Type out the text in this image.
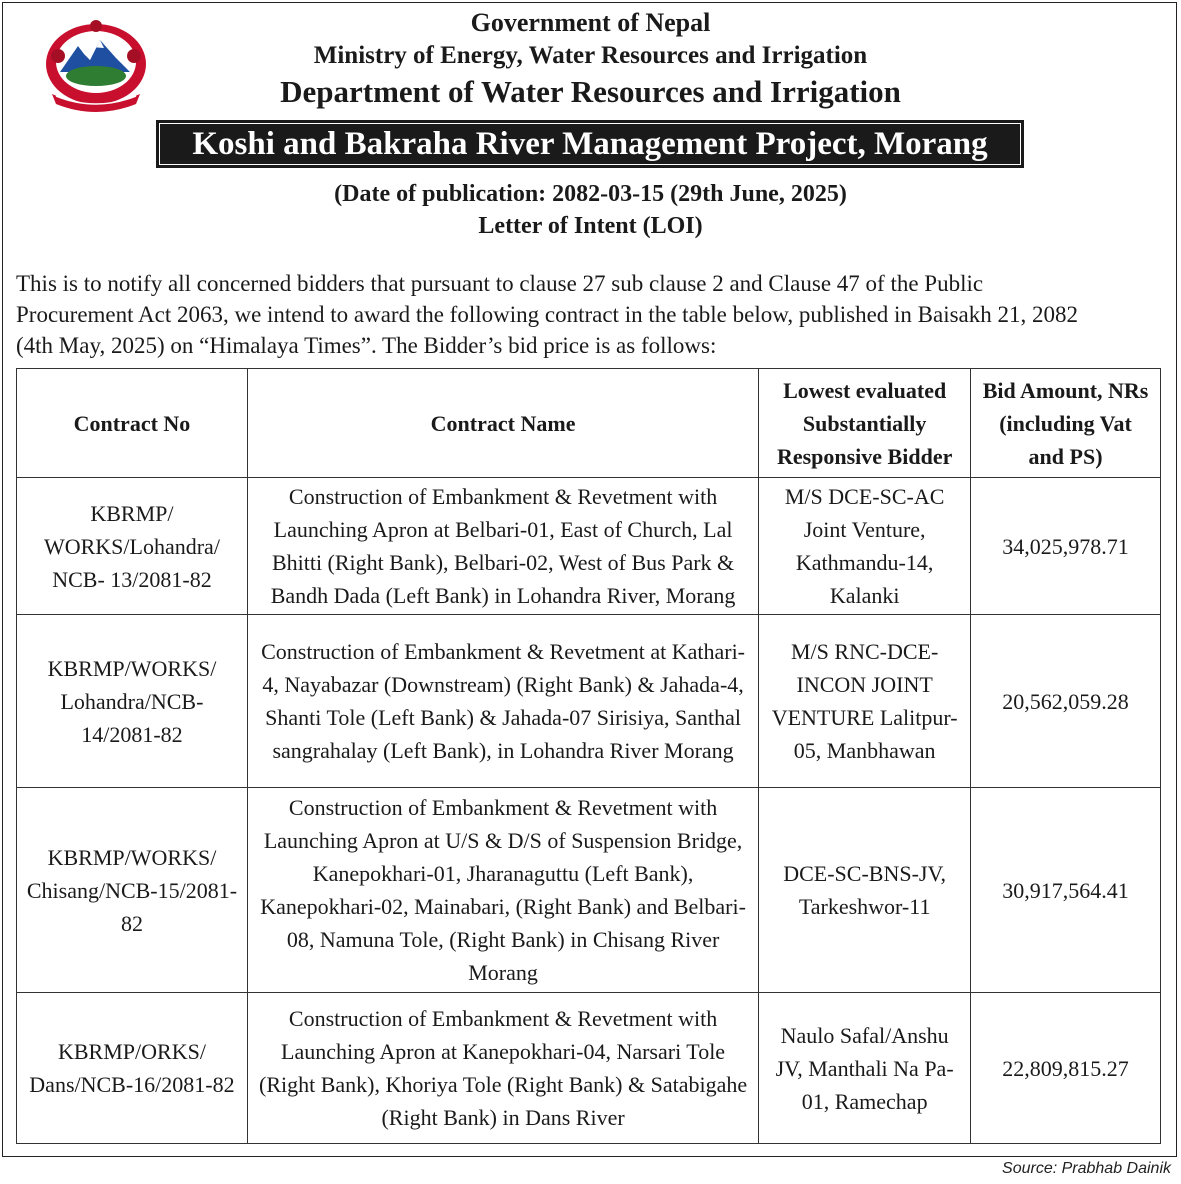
Government of Nepal
Ministry of Energy, Water Resources and Irrigation
Department of Water Resources and Irrigation
Koshi and Bakraha River Management Project, Morang
(Date of publication: 2082-03-15 (29th June, 2025)
Letter of Intent (LOI)

This is to notify all concerned bidders that pursuant to clause 27 sub clause 2 and Clause 47 of the Public

Procurement Act 2063, we intend to award the following contract in the table below, published in Baisakh 21, 2082

(4th May, 2025) on “Himalaya Times”. The Bidder’s bid price is as follows:

Contract No	Contract Name	Lowest evaluated Substantially Responsive Bidder	Bid Amount, NRs (including Vat and PS)
KBRMP/ WORKS/Lohandra/ NCB- 13/2081-82	Construction of Embankment & Revetment with Launching Apron at Belbari-01, East of Church, Lal Bhitti (Right Bank), Belbari-02, West of Bus Park & Bandh Dada (Left Bank) in Lohandra River, Morang	M/S DCE-SC-AC Joint Venture, Kathmandu-14, Kalanki	34,025,978.71
KBRMP/WORKS/ Lohandra/NCB-14/2081-82	Construction of Embankment & Revetment at Kathari-4, Nayabazar (Downstream) (Right Bank) & Jahada-4, Shanti Tole (Left Bank) & Jahada-07 Sirisiya, Santhal sangrahalay (Left Bank), in Lohandra River Morang	M/S RNC-DCE-INCON JOINT VENTURE Lalitpur-05, Manbhawan	20,562,059.28
KBRMP/WORKS/ Chisang/NCB-15/2081-82	Construction of Embankment & Revetment with Launching Apron at U/S & D/S of Suspension Bridge, Kanepokhari-01, Jharanaguttu (Left Bank), Kanepokhari-02, Mainabari, (Right Bank) and Belbari-08, Namuna Tole, (Right Bank) in Chisang River Morang	DCE-SC-BNS-JV, Tarkeshwor-11	30,917,564.41
KBRMP/ORKS/ Dans/NCB-16/2081-82	Construction of Embankment & Revetment with Launching Apron at Kanepokhari-04, Narsari Tole (Right Bank), Khoriya Tole (Right Bank) & Satabigahe (Right Bank) in Dans River	Naulo Safal/Anshu JV, Manthali Na Pa-01, Ramechap	22,809,815.27
Source: Prabhab Dainik
